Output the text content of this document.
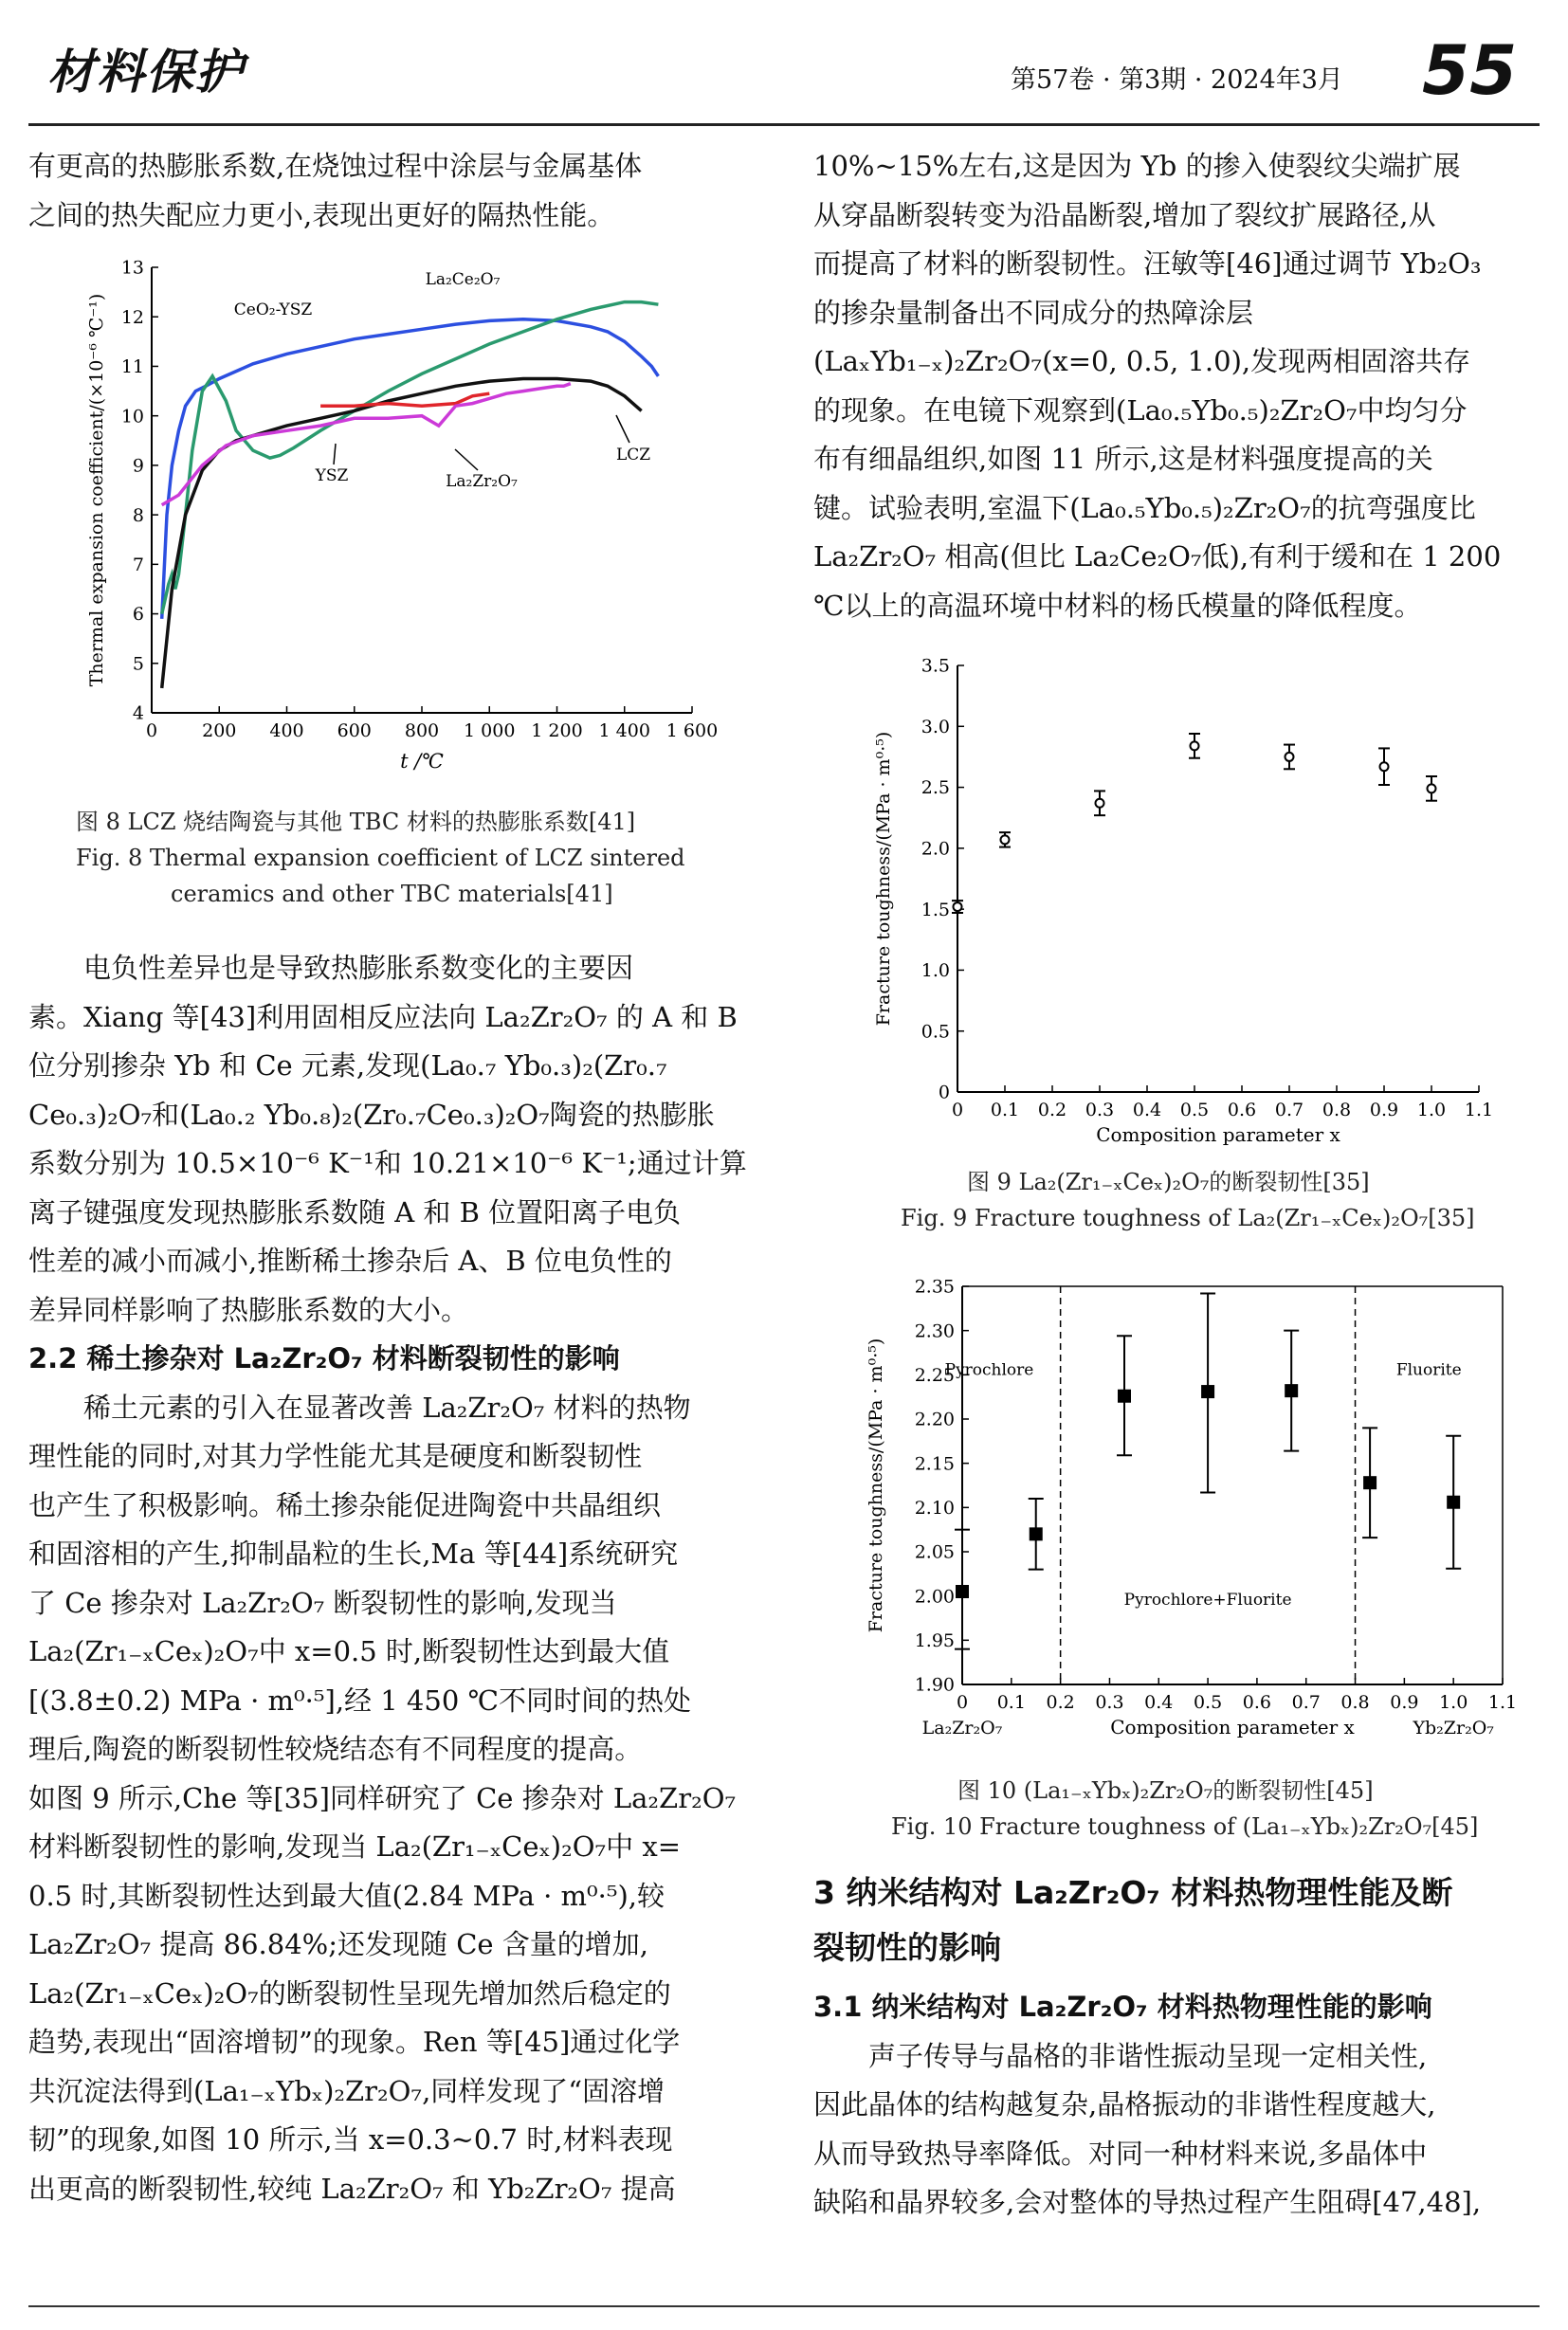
材料保护	第57卷 · 第3期 · 2024年3月 55

有更高的热膨胀系数,在烧蚀过程中涂层与金属基体
之间的热失配应力更小,表现出更好的隔热性能。

0 200 400 600 800 1 000 1 200 1 400 1 600
4
5
6
7
8
9
10
11
12
13
t /℃
Thermal expansion coefficient/(×10⁻⁶ ℃⁻¹)	CeO₂-YSZ
La₂Ce₂O₇
YSZ	La₂Zr₂O₇
LCZ
图 8 LCZ 烧结陶瓷与其他 TBC 材料的热膨胀系数[41]
Fig. 8 Thermal expansion coefficient of LCZ sintered
ceramics and other TBC materials[41]

电负性差异也是导致热膨胀系数变化的主要因
素。Xiang 等[43]利用固相反应法向 La₂Zr₂O₇ 的 A 和 B
位分别掺杂 Yb 和 Ce 元素,发现(La₀.₇ Yb₀.₃)₂(Zr₀.₇
Ce₀.₃)₂O₇和(La₀.₂ Yb₀.₈)₂(Zr₀.₇Ce₀.₃)₂O₇陶瓷的热膨胀
系数分别为 10.5×10⁻⁶ K⁻¹和 10.21×10⁻⁶ K⁻¹;通过计算
离子键强度发现热膨胀系数随 A 和 B 位置阳离子电负
性差的减小而减小,推断稀土掺杂后 A、B 位电负性的
差异同样影响了热膨胀系数的大小。

2.2 稀土掺杂对 La₂Zr₂O₇ 材料断裂韧性的影响

稀土元素的引入在显著改善 La₂Zr₂O₇ 材料的热物
理性能的同时,对其力学性能尤其是硬度和断裂韧性
也产生了积极影响。稀土掺杂能促进陶瓷中共晶组织
和固溶相的产生,抑制晶粒的生长,Ma 等[44]系统研究
了 Ce 掺杂对 La₂Zr₂O₇ 断裂韧性的影响,发现当
La₂(Zr₁₋ₓCeₓ)₂O₇中 x=0.5 时,断裂韧性达到最大值
[(3.8±0.2) MPa · m⁰·⁵],经 1 450 ℃不同时间的热处
理后,陶瓷的断裂韧性较烧结态有不同程度的提高。
如图 9 所示,Che 等[35]同样研究了 Ce 掺杂对 La₂Zr₂O₇
材料断裂韧性的影响,发现当 La₂(Zr₁₋ₓCeₓ)₂O₇中 x=
0.5 时,其断裂韧性达到最大值(2.84 MPa · m⁰·⁵),较
La₂Zr₂O₇ 提高 86.84%;还发现随 Ce 含量的增加,
La₂(Zr₁₋ₓCeₓ)₂O₇的断裂韧性呈现先增加然后稳定的
趋势,表现出“固溶增韧”的现象。Ren 等[45]通过化学
共沉淀法得到(La₁₋ₓYbₓ)₂Zr₂O₇,同样发现了“固溶增
韧”的现象,如图 10 所示,当 x=0.3~0.7 时,材料表现
出更高的断裂韧性,较纯 La₂Zr₂O₇ 和 Yb₂Zr₂O₇ 提高

10%~15%左右,这是因为 Yb 的掺入使裂纹尖端扩展
从穿晶断裂转变为沿晶断裂,增加了裂纹扩展路径,从
而提高了材料的断裂韧性。汪敏等[46]通过调节 Yb₂O₃
的掺杂量制备出不同成分的热障涂层
(LaₓYb₁₋ₓ)₂Zr₂O₇(x=0, 0.5, 1.0),发现两相固溶共存
的现象。在电镜下观察到(La₀.₅Yb₀.₅)₂Zr₂O₇中均匀分
布有细晶组织,如图 11 所示,这是材料强度提高的关
键。试验表明,室温下(La₀.₅Yb₀.₅)₂Zr₂O₇的抗弯强度比
La₂Zr₂O₇ 相高(但比 La₂Ce₂O₇低),有利于缓和在 1 200
℃以上的高温环境中材料的杨氏模量的降低程度。

0 0.1 0.2 0.3 0.4 0.5 0.6 0.7 0.8 0.9 1.0 1.1
0
0.5
1.0
1.5
2.0
2.5
3.0
3.5
Composition parameter x
Fracture toughness/(MPa · m⁰·⁵)
图 9 La₂(Zr₁₋ₓCeₓ)₂O₇的断裂韧性[35]
Fig. 9 Fracture toughness of La₂(Zr₁₋ₓCeₓ)₂O₇[35]
0 0.1 0.2 0.3 0.4 0.5 0.6 0.7 0.8 0.9 1.0 1.1
1.90
1.95
2.00
2.05
2.10
2.15
2.20
2.25
2.30
2.35
Pyrochlore
Pyrochlore+Fluorite
Fluorite
Composition parameter x
La₂Zr₂O₇	Yb₂Zr₂O₇
Fracture toughness/(MPa · m⁰·⁵)
图 10 (La₁₋ₓYbₓ)₂Zr₂O₇的断裂韧性[45]
Fig. 10 Fracture toughness of (La₁₋ₓYbₓ)₂Zr₂O₇[45]

3 纳米结构对 La₂Zr₂O₇ 材料热物理性能及断
裂韧性的影响

3.1 纳米结构对 La₂Zr₂O₇ 材料热物理性能的影响

声子传导与晶格的非谐性振动呈现一定相关性,
因此晶体的结构越复杂,晶格振动的非谐性程度越大,
从而导致热导率降低。对同一种材料来说,多晶体中
缺陷和晶界较多,会对整体的导热过程产生阻碍[47,48],
